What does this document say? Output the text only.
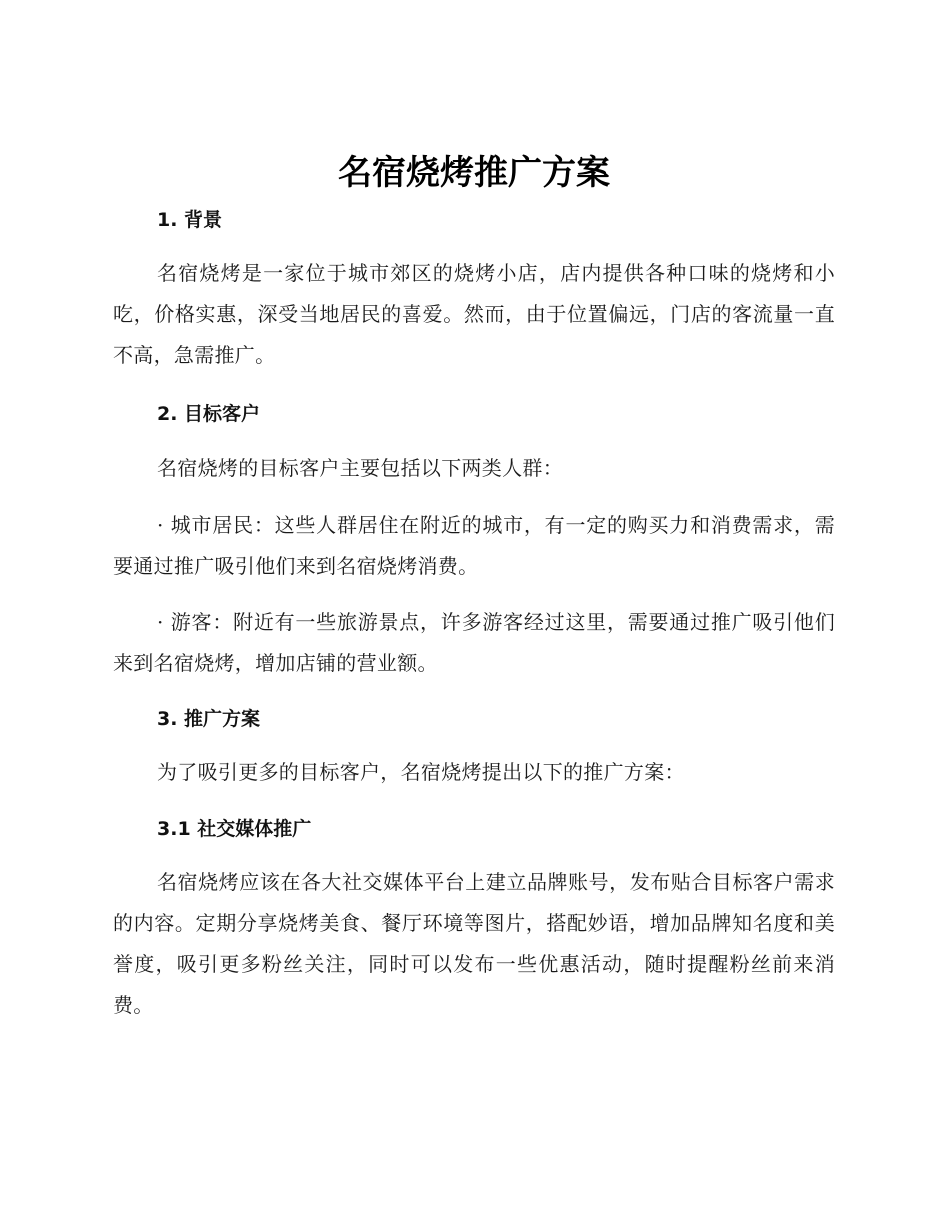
名宿烧烤推广方案
1. 背景

名宿烧烤是一家位于城市郊区的烧烤小店，店内提供各种口味的烧烤和小吃，价格实惠，深受当地居民的喜爱。然而，由于位置偏远，门店的客流量一直不高，急需推广。

2. 目标客户

名宿烧烤的目标客户主要包括以下两类人群：

· 城市居民：这些人群居住在附近的城市，有一定的购买力和消费需求，需要通过推广吸引他们来到名宿烧烤消费。

· 游客：附近有一些旅游景点，许多游客经过这里，需要通过推广吸引他们来到名宿烧烤，增加店铺的营业额。

3. 推广方案

为了吸引更多的目标客户，名宿烧烤提出以下的推广方案：

3.1 社交媒体推广

名宿烧烤应该在各大社交媒体平台上建立品牌账号，发布贴合目标客户需求的内容。定期分享烧烤美食、餐厅环境等图片，搭配妙语，增加品牌知名度和美誉度，吸引更多粉丝关注，同时可以发布一些优惠活动，随时提醒粉丝前来消费。
